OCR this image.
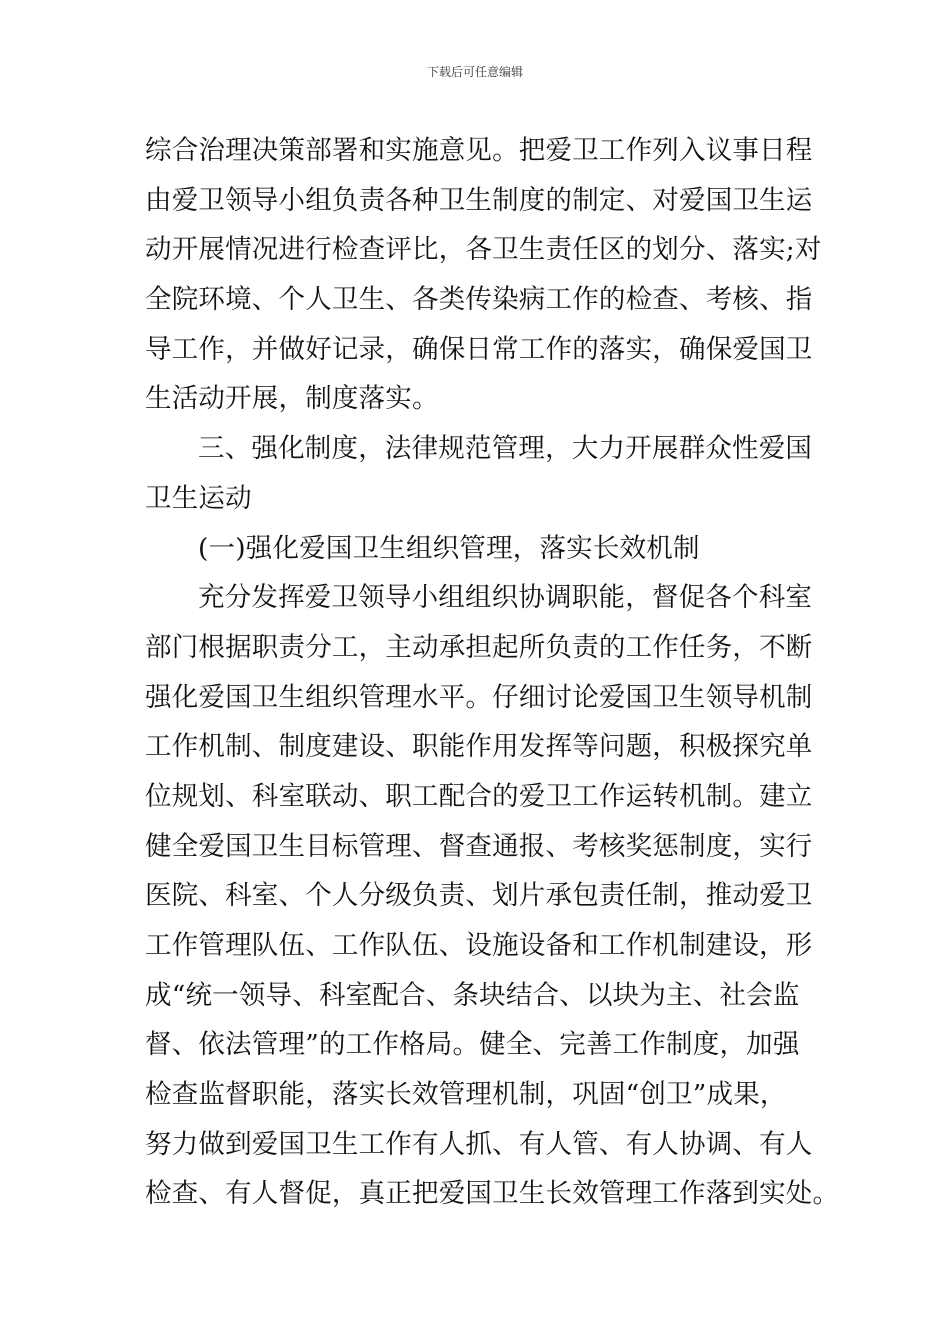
下载后可任意编辑
综合治理决策部署和实施意见。把爱卫工作列入议事日程
由爱卫领导小组负责各种卫生制度的制定、对爱国卫生运
动开展情况进行检查评比，各卫生责任区的划分、落实;对
全院环境、个人卫生、各类传染病工作的检查、考核、指
导工作，并做好记录，确保日常工作的落实，确保爱国卫
生活动开展，制度落实。
三、强化制度，法律规范管理，大力开展群众性爱国
卫生运动
(一)强化爱国卫生组织管理，落实长效机制
充分发挥爱卫领导小组组织协调职能，督促各个科室
部门根据职责分工，主动承担起所负责的工作任务，不断
强化爱国卫生组织管理水平。仔细讨论爱国卫生领导机制
工作机制、制度建设、职能作用发挥等问题，积极探究单
位规划、科室联动、职工配合的爱卫工作运转机制。建立
健全爱国卫生目标管理、督查通报、考核奖惩制度，实行
医院、科室、个人分级负责、划片承包责任制，推动爱卫
工作管理队伍、工作队伍、设施设备和工作机制建设，形
成“统一领导、科室配合、条块结合、以块为主、社会监
督、依法管理”的工作格局。健全、完善工作制度，加强
检查监督职能，落实长效管理机制，巩固“创卫”成果，
努力做到爱国卫生工作有人抓、有人管、有人协调、有人
检查、有人督促，真正把爱国卫生长效管理工作落到实处。
